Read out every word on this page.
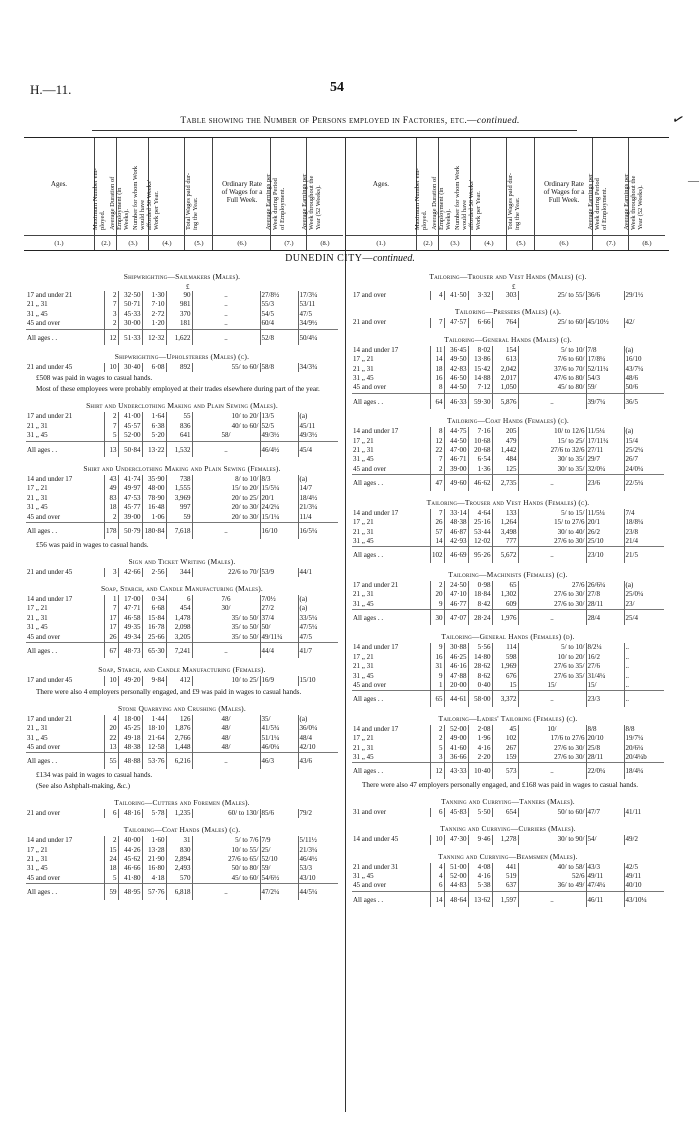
H.—11.	54
✓
Table showing the Number of Persons employed in Factories, etc.—continued.
Ages.
(1.)
Maximum Number em- ployed.
(2.)
Average Duration of Employment (in Weeks).
(3.)
Number for whom Work would have afforded 50 Weeks' Work per Year.
(4.)
Total Wages paid dur- ing the Year.
(5.)
Ordinary Rate of Wages for a Full Week.
(6.)
Average Earnings per Week during Period of Employment.
(7.)
Average Earnings per Week throughout the Year (52 Weeks).
(8.)
Ages.
(1.)
Maximum Number em- ployed.
(2.)
Average Duration of Employment (in Weeks).
(3.)
Number for whom Work would have afforded 50 Weeks' Work per Year.
(4.)
Total Wages paid dur- ing the Year.
(5.)
Ordinary Rate of Wages for a Full Week.
(6.)
Average Earnings per Week during Period of Employment.
(7.)
Average Earnings per Week throughout the Year (52 Weeks).
(8.)
—
DUNEDIN CITY—continued.
Shipwrighting—Sailmakers (Males).
£
17 and under 21	2	32·50	1·30	90	..	27/8½	17/3¼
21 „ 31	7	50·71	7·10	981	..	55/3	53/11
31 „ 45	3	45·33	2·72	370	..	54/5	47/5
45 and over	2	30·00	1·20	181	..	60/4	34/9½
All ages . .	12	51·33	12·32	1,622	..	52/8	50/4¼
Shipwrighting—Upholsterers (Males) (c).
21 and under 45	10	30·40	6·08	892	55/ to 60/	58/8	34/3¾
£508 was paid in wages to casual hands.
Most of these employees were probably employed at their trades elsewhere during part of the year.
Shirt and Underclothing Making and Plain Sewing (Males).
17 and under 21	2	41·00	1·64	55	10/ to 20/	13/5	(a)
21 „ 31	7	45·57	6·38	836	40/ to 60/	52/5	45/11
31 „ 45	5	52·00	5·20	641	58/	49/3½	49/3½
All ages . .	13	50·84	13·22	1,532	..	46/4½	45/4
Shirt and Underclothing Making and Plain Sewing (Females).
14 and under 17	43	41·74	35·90	738	8/ to 10/	8/3	(a)
17 „ 21	49	49·97	48·00	1,555	15/ to 20/	15/5¼	14/7
21 „ 31	83	47·53	78·90	3,969	20/ to 25/	20/1	18/4½
31 „ 45	18	45·77	16·48	997	20/ to 30/	24/2¼	21/3¼
45 and over	2	39·00	1·06	59	20/ to 30/	15/1¼	11/4
All ages . .	178	50·79	180·84	7,618	..	16/10	16/5¼
£56 was paid in wages to casual hands.
Sign and Ticket Writing (Males).
21 and under 45	3	42·66	2·56	344	22/6 to 70/	53/9	44/1
Soap, Starch, and Candle Manufacturing (Males).
14 and under 17	1	17·00	0·34	6	7/6	7/0½	(a)
17 „ 21	7	47·71	6·68	454	30/	27/2	(a)
21 „ 31	17	46·58	15·84	1,478	35/ to 50/	37/4	33/5¼
31 „ 45	17	49·35	16·78	2,098	35/ to 50/	50/	47/5¼
45 and over	26	49·34	25·66	3,205	35/ to 50/	49/11¼	47/5
All ages . .	67	48·73	65·30	7,241	..	44/4	41/7
Soap, Starch, and Candle Manufacturing (Females).
17 and under 45	10	49·20	9·84	412	10/ to 25/	16/9	15/10
There were also 4 employers personally engaged, and £9 was paid in wages to casual hands.
Stone Quarrying and Crushing (Males).
17 and under 21	4	18·00	1·44	126	48/	35/	(a)
21 „ 31	20	45·25	18·10	1,876	48/	41/5¾	36/0¼
31 „ 45	22	49·18	21·64	2,766	48/	51/1¼	48/4
45 and over	13	48·38	12·58	1,448	48/	46/0¼	42/10
All ages . .	55	48·88	53·76	6,216	..	46/3	43/6
£134 was paid in wages to casual hands.
(See also Ashphalt-making, &c.)
Tailoring—Cutters and Foremen (Males).
21 and over	6	48·16	5·78	1,235	60/ to 130/	85/6	79/2
Tailoring—Coat Hands (Males) (c).
14 and under 17	2	40·00	1·60	31	5/ to 7/6	7/9	5/11½
17 „ 21	15	44·26	13·28	830	10/ to 55/	25/	21/3¼
21 „ 31	24	45·62	21·90	2,894	27/6 to 65/	52/10	46/4½
31 „ 45	18	46·66	16·80	2,493	50/ to 80/	59/	53/3
45 and over	5	41·80	4·18	570	45/ to 60/	54/6½	43/10
All ages . .	59	48·95	57·76	6,818	..	47/2¼	44/5¼
Tailoring—Trouser and Vest Hands (Males) (c).
£
17 and over	4	41·50	3·32	303	25/ to 55/	36/6	29/1½
Tailoring—Pressers (Males) (a).
21 and over	7	47·57	6·66	764	25/ to 60/	45/10½	42/
Tailoring—General Hands (Males) (c).
14 and under 17	11	36·45	8·02	154	5/ to 10/	7/8	(a)
17 „ 21	14	49·50	13·86	613	7/6 to 60/	17/8¼	16/10
21 „ 31	18	42·83	15·42	2,042	37/6 to 70/	52/11¼	43/7¼
31 „ 45	16	46·50	14·88	2,017	47/6 to 80/	54/3	48/6
45 and over	8	44·50	7·12	1,050	45/ to 80/	59/	50/6
All ages . .	64	46·33	59·30	5,876	..	39/7¼	36/5
Tailoring—Coat Hands (Females) (c).
14 and under 17	8	44·75	7·16	205	10/ to 12/6	11/5¼	(a)
17 „ 21	12	44·50	10·68	479	15/ to 25/	17/11¼	15/4
21 „ 31	22	47·00	20·68	1,442	27/6 to 32/6	27/11	25/2¼
31 „ 45	7	46·71	6·54	484	30/ to 35/	29/7	26/7
45 and over	2	39·00	1·36	125	30/ to 35/	32/0¼	24/0¼
All ages . .	47	49·60	46·62	2,735	..	23/6	22/5¼
Tailoring—Trouser and Vest Hands (Females) (c).
14 and under 17	7	33·14	4·64	133	5/ to 15/	11/5¼	7/4
17 „ 21	26	48·38	25·16	1,264	15/ to 27/6	20/1	18/8¼
21 „ 31	57	46·87	53·44	3,498	30/ to 40/	26/2	23/8
31 „ 45	14	42·93	12·02	777	27/6 to 30/	25/10	21/4
All ages . .	102	46·69	95·26	5,672	..	23/10	21/5
Tailoring—Machinists (Females) (c).
17 and under 21	2	24·50	0·98	65	27/6	26/6¼	(a)
21 „ 31	20	47·10	18·84	1,302	27/6 to 30/	27/8	25/0¼
31 „ 45	9	46·77	8·42	609	27/6 to 30/	28/11	23/
All ages . .	30	47·07	28·24	1,976	..	28/4	25/4
Tailoring—General Hands (Females) (d).
14 and under 17	9	30·88	5·56	114	5/ to 10/	8/2¼	..
17 „ 21	16	46·25	14·80	598	10/ to 20/	16/2	..
21 „ 31	31	46·16	28·62	1,969	27/6 to 35/	27/6	..
31 „ 45	9	47·88	8·62	676	27/6 to 35/	31/4¼	..
45 and over	1	20·00	0·40	15	15/	15/	..
All ages . .	65	44·61	58·00	3,372	..	23/3	..
Tailoring—Ladies' Tailoring (Females) (c).
14 and under 17	2	52·00	2·08	45	10/	8/8	8/8
17 „ 21	2	49·00	1·96	102	17/6 to 27/6	20/10	19/7¼
21 „ 31	5	41·60	4·16	267	27/6 to 30/	25/8	20/6¼
31 „ 45	3	36·66	2·20	159	27/6 to 30/	28/11	20/4¼b
All ages . .	12	43·33	10·40	573	..	22/0¼	18/4¼
There were also 47 employers personally engaged, and £168 was paid in wages to casual hands.
Tanning and Currying—Tanners (Males).
31 and over	6	45·83	5·50	654	50/ to 60/	47/7	41/11
Tanning and Currying—Curriers (Males).
14 and under 45	10	47·30	9·46	1,278	30/ to 90/	54/	49/2
Tanning and Currying—Beamsmen (Males).
21 and under 31	4	51·00	4·08	441	40/ to 58/	43/3	42/5
31 „ 45	4	52·00	4·16	519	52/6	49/11	49/11
45 and over	6	44·83	5·38	637	36/ to 49/	47/4¼	40/10
All ages . .	14	48·64	13·62	1,597	..	46/11	43/10¼
